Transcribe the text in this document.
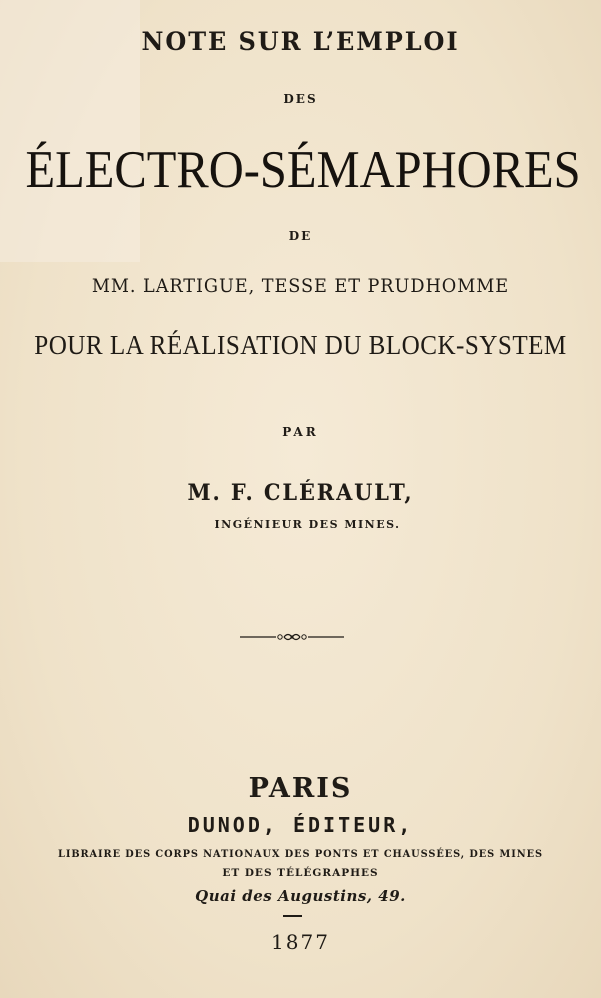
NOTE SUR L’EMPLOI
DES
ÉLECTRO-SÉMAPHORES
DE
MM. LARTIGUE, TESSE ET PRUDHOMME
POUR LA RÉALISATION DU BLOCK-SYSTEM
PAR
M. F. CLÉRAULT,
INGÉNIEUR DES MINES.
PARIS
DUNOD, ÉDITEUR,
LIBRAIRE DES CORPS NATIONAUX DES PONTS ET CHAUSSÉES, DES MINES
ET DES TÉLÉGRAPHES
Quai des Augustins, 49.
1877
